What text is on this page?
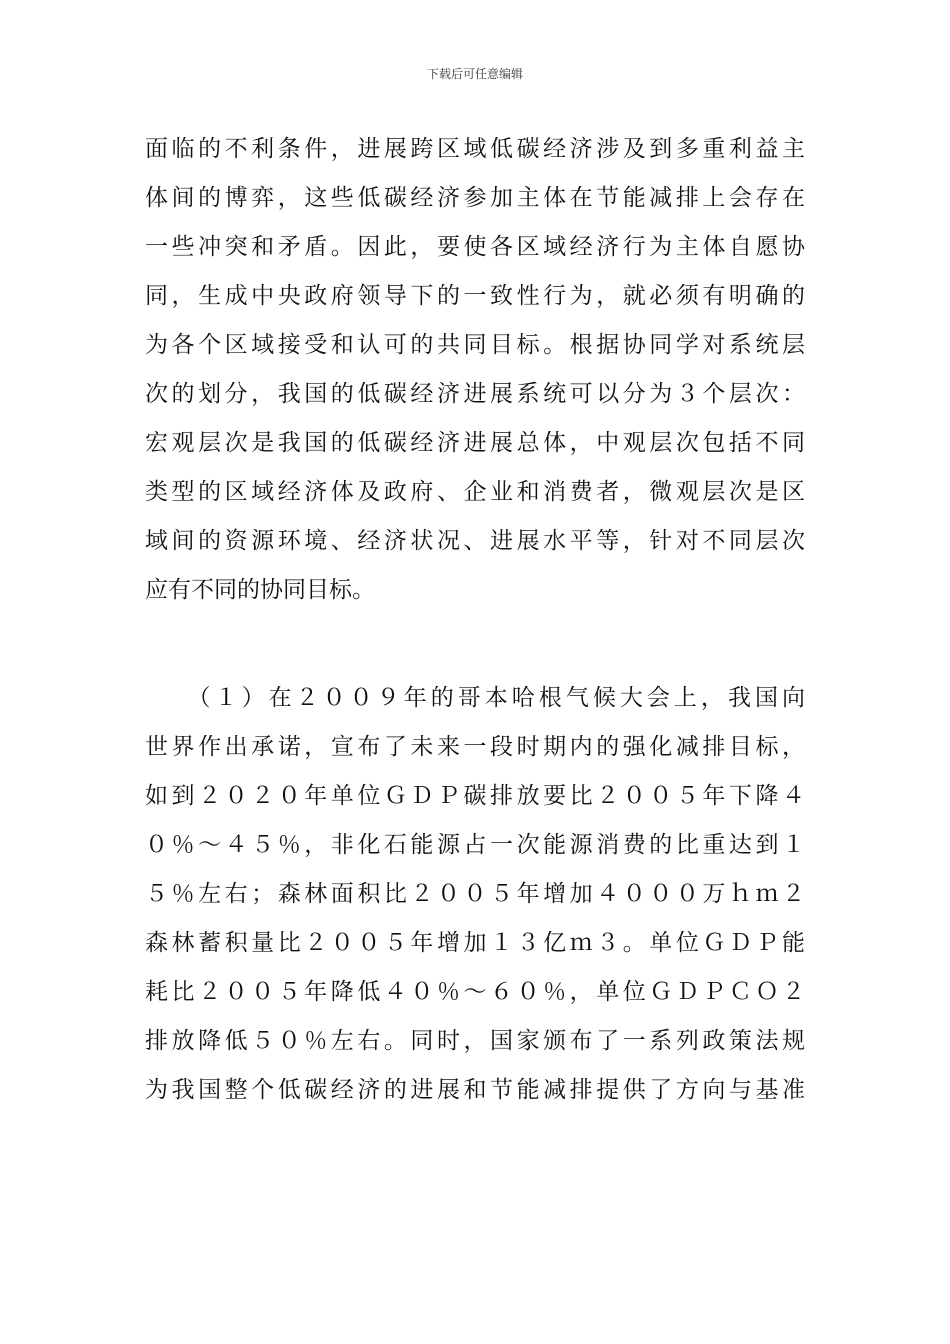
下载后可任意编辑
面临的不利条件，进展跨区域低碳经济涉及到多重利益主
体间的博弈，这些低碳经济参加主体在节能减排上会存在
一些冲突和矛盾。因此，要使各区域经济行为主体自愿协
同，生成中央政府领导下的一致性行为，就必须有明确的
为各个区域接受和认可的共同目标。根据协同学对系统层
次的划分，我国的低碳经济进展系统可以分为３个层次：
宏观层次是我国的低碳经济进展总体，中观层次包括不同
类型的区域经济体及政府、企业和消费者，微观层次是区
域间的资源环境、经济状况、进展水平等，针对不同层次
应有不同的协同目标。
　　（１）在２００９年的哥本哈根气候大会上，我国向
世界作出承诺，宣布了未来一段时期内的强化减排目标，
如到２０２０年单位ＧＤＰ碳排放要比２００５年下降４
０％～４５％，非化石能源占一次能源消费的比重达到１
５％左右；森林面积比２００５年增加４０００万ｈｍ２
森林蓄积量比２００５年增加１３亿ｍ３。单位ＧＤＰ能
耗比２００５年降低４０％～６０％，单位ＧＤＰＣＯ２
排放降低５０％左右。同时，国家颁布了一系列政策法规
为我国整个低碳经济的进展和节能减排提供了方向与基准
